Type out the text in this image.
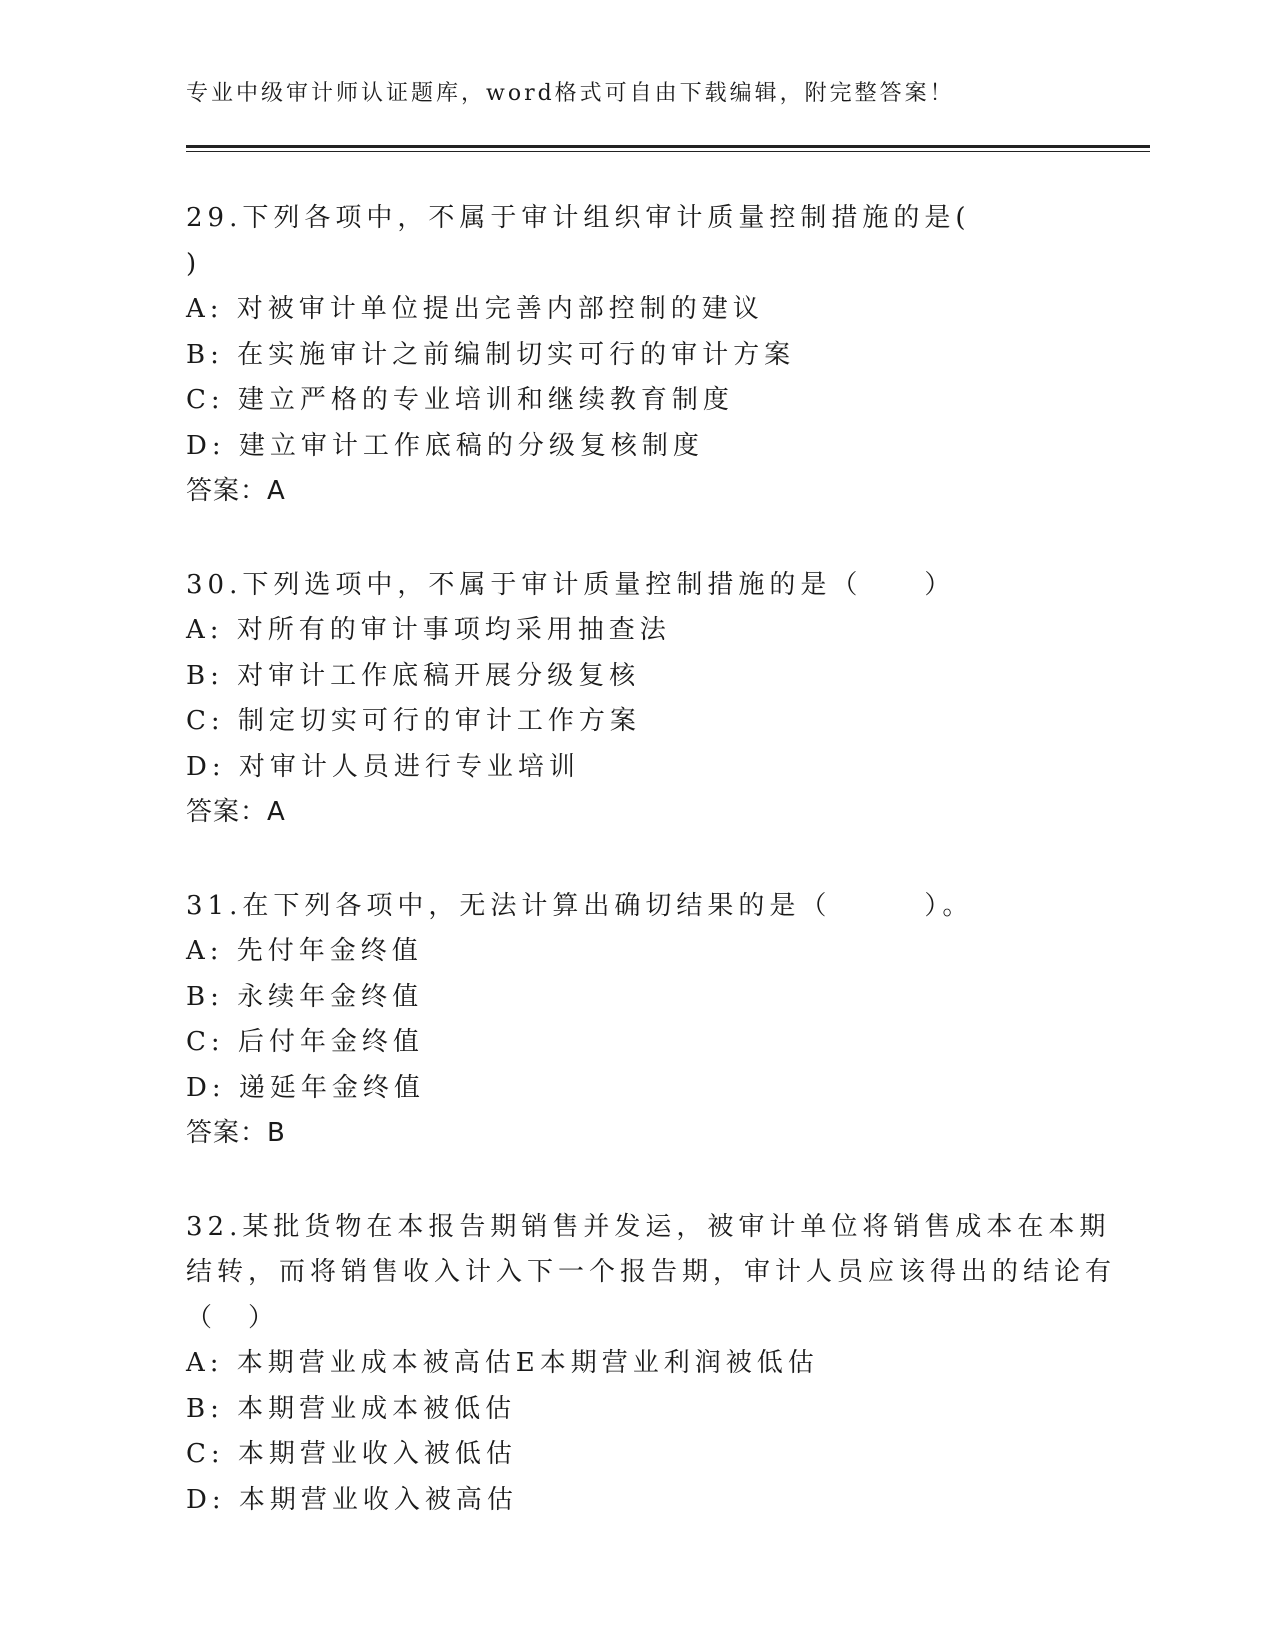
专业中级审计师认证题库，word格式可自由下载编辑，附完整答案！
29.下列各项中，不属于审计组织审计质量控制措施的是(　　　　　)
A: 对被审计单位提出完善内部控制的建议
B: 在实施审计之前编制切实可行的审计方案
C: 建立严格的专业培训和继续教育制度
D: 建立审计工作底稿的分级复核制度
答案：A
30.下列选项中，不属于审计质量控制措施的是（　　）
A: 对所有的审计事项均采用抽查法
B: 对审计工作底稿开展分级复核
C: 制定切实可行的审计工作方案
D: 对审计人员进行专业培训
答案：A
31.在下列各项中，无法计算出确切结果的是（　　　）。
A: 先付年金终值
B: 永续年金终值
C: 后付年金终值
D: 递延年金终值
答案：B
32.某批货物在本报告期销售并发运，被审计单位将销售成本在本期结转，而将销售收入计入下一个报告期，审计人员应该得出的结论有（　）
A: 本期营业成本被高估E本期营业利润被低估
B: 本期营业成本被低估
C: 本期营业收入被低估
D: 本期营业收入被高估
